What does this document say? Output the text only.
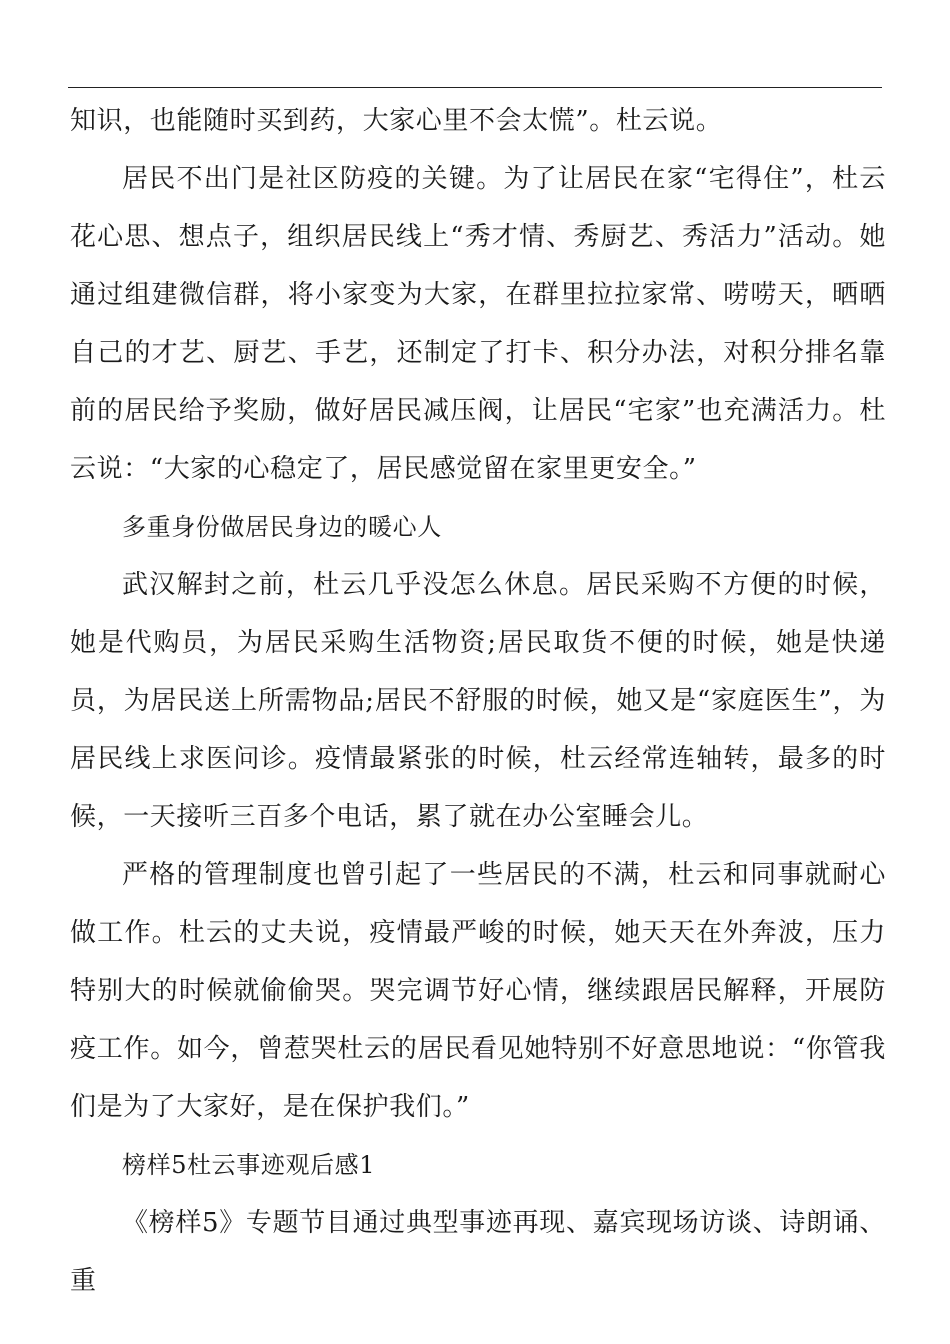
知识，也能随时买到药，大家心里不会太慌”。杜云说。

居民不出门是社区防疫的关键。为了让居民在家“宅得住”，杜云花心思、想点子，组织居民线上“秀才情、秀厨艺、秀活力”活动。她通过组建微信群，将小家变为大家，在群里拉拉家常、唠唠天，晒晒自己的才艺、厨艺、手艺，还制定了打卡、积分办法，对积分排名靠前的居民给予奖励，做好居民减压阀，让居民“宅家”也充满活力。杜云说：“大家的心稳定了，居民感觉留在家里更安全。”

多重身份做居民身边的暖心人

武汉解封之前，杜云几乎没怎么休息。居民采购不方便的时候，她是代购员，为居民采购生活物资;居民取货不便的时候，她是快递员，为居民送上所需物品;居民不舒服的时候，她又是“家庭医生”，为居民线上求医问诊。疫情最紧张的时候，杜云经常连轴转，最多的时候，一天接听三百多个电话，累了就在办公室睡会儿。

严格的管理制度也曾引起了一些居民的不满，杜云和同事就耐心做工作。杜云的丈夫说，疫情最严峻的时候，她天天在外奔波，压力特别大的时候就偷偷哭。哭完调节好心情，继续跟居民解释，开展防疫工作。如今，曾惹哭杜云的居民看见她特别不好意思地说：“你管我们是为了大家好，是在保护我们。”

榜样5杜云事迹观后感1

《榜样5》专题节目通过典型事迹再现、嘉宾现场访谈、诗朗诵、重
